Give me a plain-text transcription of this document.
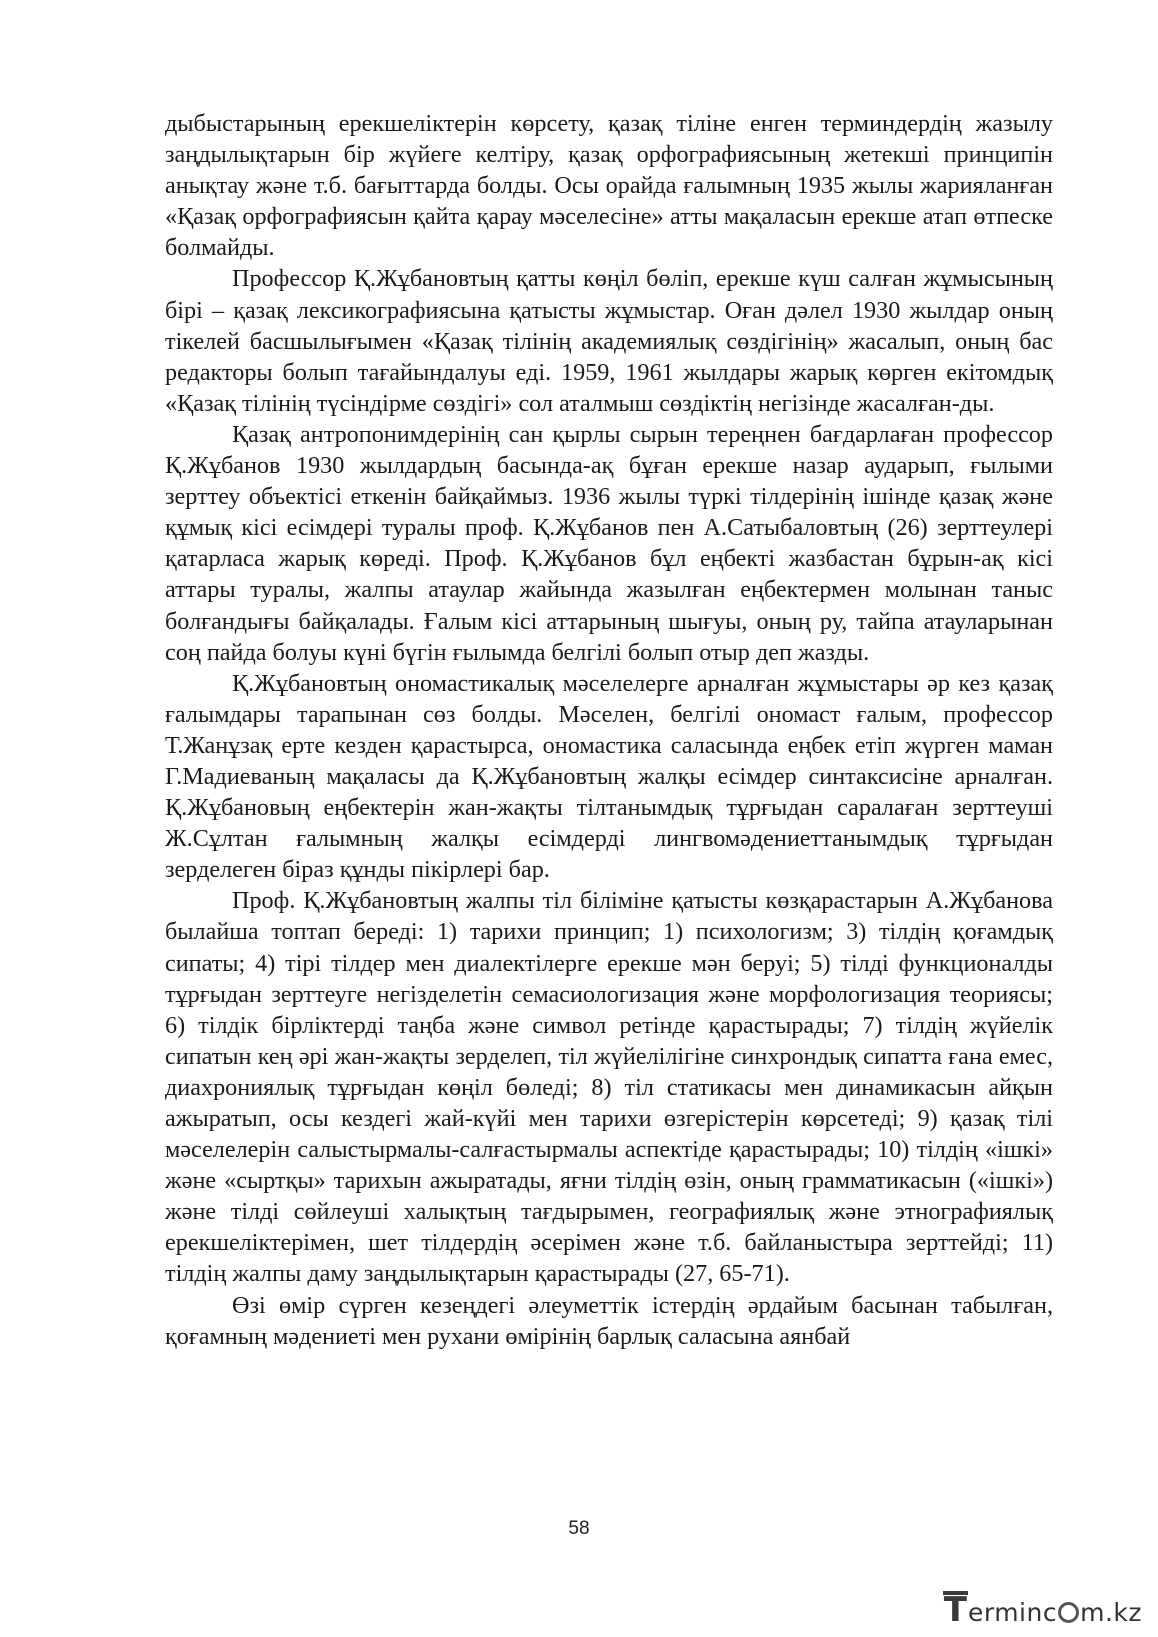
дыбыстарының ерекшеліктерін көрсету, қазақ тіліне енген терминдердің жазылу заңдылықтарын бір жүйеге келтіру, қазақ орфографиясының жетекші принципін анықтау және т.б. бағыттарда болды. Осы орайда ғалымның 1935 жылы жарияланған «Қазақ орфографиясын қайта қарау мәселесіне» атты мақаласын ерекше атап өтпеске болмайды.

Профессор Қ.Жұбановтың қатты көңіл бөліп, ерекше күш салған жұмысының бірі – қазақ лексикографиясына қатысты жұмыстар. Оған дәлел 1930 жылдар оның тікелей басшылығымен «Қазақ тілінің академиялық сөздігінің» жасалып, оның бас редакторы болып тағайындалуы еді. 1959, 1961 жылдары жарық көрген екітомдық «Қазақ тілінің түсіндірме сөздігі» сол аталмыш сөздіктің негізінде жасалған-ды.

Қазақ антропонимдерінің сан қырлы сырын тереңнен бағдарлаған профессор Қ.Жұбанов 1930 жылдардың басында-ақ бұған ерекше назар аударып, ғылыми зерттеу объектісі еткенін байқаймыз. 1936 жылы түркі тілдерінің ішінде қазақ және құмық кісі есімдері туралы проф. Қ.Жұбанов пен А.Сатыбаловтың (26) зерттеулері қатарласа жарық көреді. Проф. Қ.Жұбанов бұл еңбекті жазбастан бұрын-ақ кісі аттары туралы, жалпы атаулар жайында жазылған еңбектермен молынан таныс болғандығы байқалады. Ғалым кісі аттарының шығуы, оның ру, тайпа атауларынан соң пайда болуы күні бүгін ғылымда белгілі болып отыр деп жазды.

Қ.Жұбановтың ономастикалық мәселелерге арналған жұмыстары әр кез қазақ ғалымдары тарапынан сөз болды. Мәселен, белгілі ономаст ғалым, профессор Т.Жанұзақ ерте кезден қарастырса, ономастика саласында еңбек етіп жүрген маман Г.Мадиеваның мақаласы да Қ.Жұбановтың жалқы есімдер синтаксисіне арналған. Қ.Жұбановың еңбектерін жан-жақты тілтанымдық тұрғыдан саралаған зерттеуші Ж.Сұлтан ғалымның жалқы есімдерді лингвомәдениеттанымдық тұрғыдан зерделеген біраз құнды пікірлері бар.

Проф. Қ.Жұбановтың жалпы тіл біліміне қатысты көзқарастарын А.Жұбанова былайша топтап береді: 1) тарихи принцип; 1) психологизм; 3) тілдің қоғамдық сипаты; 4) тірі тілдер мен диалектілерге ерекше мән беруі; 5) тілді функционалды тұрғыдан зерттеуге негізделетін семасиологизация және морфологизация теориясы; 6) тілдік бірліктерді таңба және символ ретінде қарастырады; 7) тілдің жүйелік сипатын кең әрі жан-жақты зерделеп, тіл жүйелілігіне синхрондық сипатта ғана емес, диахрониялық тұрғыдан көңіл бөледі; 8) тіл статикасы мен динамикасын айқын ажыратып, осы кездегі жай-күйі мен тарихи өзгерістерін көрсетеді; 9) қазақ тілі мәселелерін салыстырмалы-салғастырмалы аспектіде қарастырады; 10) тілдің «ішкі» және «сыртқы» тарихын ажыратады, яғни тілдің өзін, оның грамматикасын («ішкі») және тілді сөйлеуші халықтың тағдырымен, географиялық және этнографиялық ерекшеліктерімен, шет тілдердің әсерімен және т.б. байланыстыра зерттейді; 11) тілдің жалпы даму заңдылықтарын қарастырады (27, 65-71).

Өзі өмір сүрген кезеңдегі әлеуметтік істердің әрдайым басынан табылған, қоғамның мәдениеті мен рухани өмірінің барлық саласына аянбай

58
T erminc m.kz
